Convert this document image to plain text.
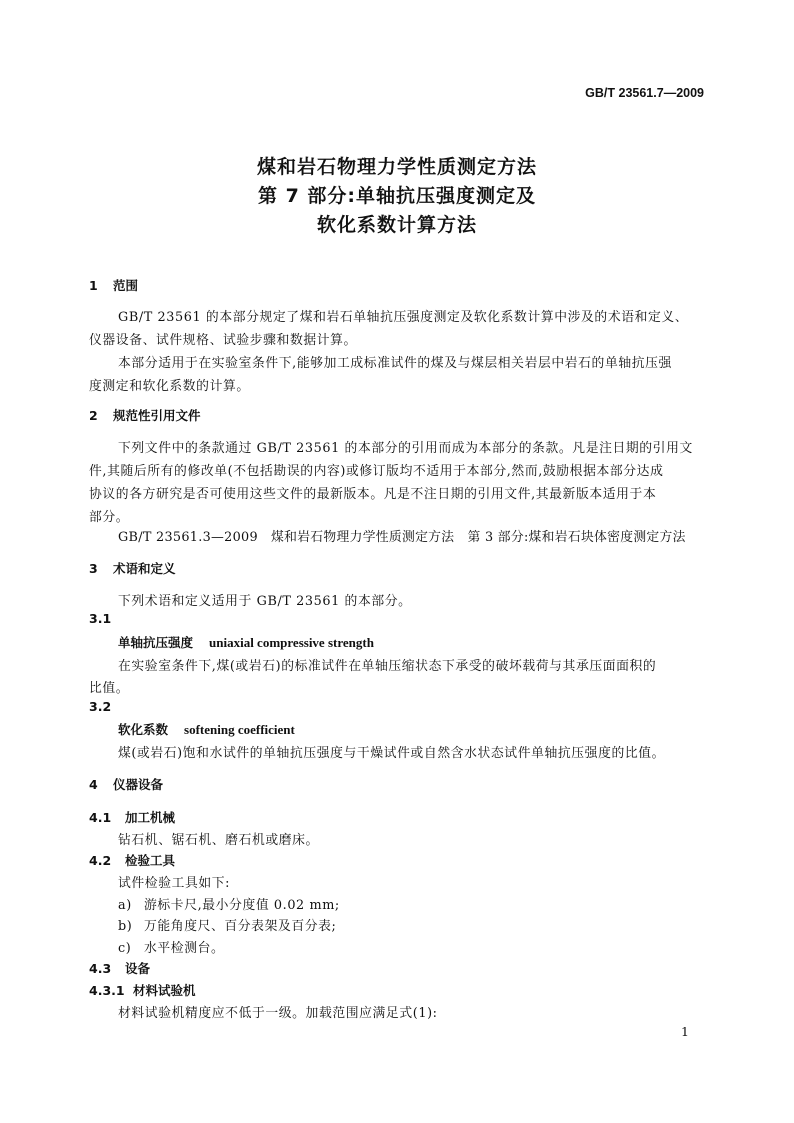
GB/T 23561.7—2009
煤和岩石物理力学性质测定方法
第 7 部分:单轴抗压强度测定及
软化系数计算方法
1 范围
GB/T 23561 的本部分规定了煤和岩石单轴抗压强度测定及软化系数计算中涉及的术语和定义、
仪器设备、试件规格、试验步骤和数据计算。
本部分适用于在实验室条件下,能够加工成标准试件的煤及与煤层相关岩层中岩石的单轴抗压强
度测定和软化系数的计算。
2 规范性引用文件
下列文件中的条款通过 GB/T 23561 的本部分的引用而成为本部分的条款。凡是注日期的引用文
件,其随后所有的修改单(不包括勘误的内容)或修订版均不适用于本部分,然而,鼓励根据本部分达成
协议的各方研究是否可使用这些文件的最新版本。凡是不注日期的引用文件,其最新版本适用于本
部分。
GB/T 23561.3—2009　煤和岩石物理力学性质测定方法　第 3 部分:煤和岩石块体密度测定方法
3 术语和定义
下列术语和定义适用于 GB/T 23561 的本部分。
3.1
单轴抗压强度 uniaxial compressive strength
在实验室条件下,煤(或岩石)的标准试件在单轴压缩状态下承受的破坏载荷与其承压面面积的
比值。
3.2
软化系数 softening coefficient
煤(或岩石)饱和水试件的单轴抗压强度与干燥试件或自然含水状态试件单轴抗压强度的比值。
4 仪器设备
4.1 加工机械
钻石机、锯石机、磨石机或磨床。
4.2 检验工具
试件检验工具如下:
a) 游标卡尺,最小分度值 0.02 mm;
b) 万能角度尺、百分表架及百分表;
c) 水平检测台。
4.3 设备
4.3.1 材料试验机
材料试验机精度应不低于一级。加载范围应满足式(1):
1
